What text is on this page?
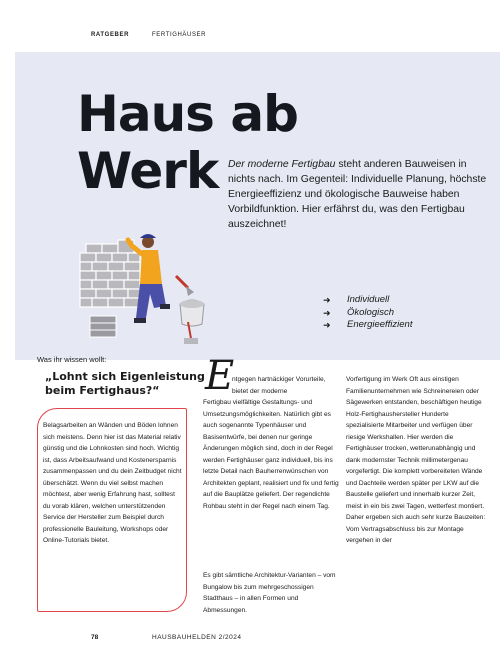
RATGEBER	FERTIGHÄUSER
Haus ab
Werk Der moderne Fertigbau steht anderen Bauweisen in nichts nach. Im Gegenteil: Individuelle Planung, höchste Energieeffizienz und ökologische Bauweise haben Vorbildfunktion. Hier erfährst du, was den Fertigbau auszeichnet!

➜	Individuell
➜	Ökologisch
➜	Energieeffizient
Was ihr wissen wollt:
„Lohnt sich Eigenleistung beim Fertighaus?“

Belagsarbeiten an Wänden und Böden lohnen sich meistens. Denn hier ist das Material relativ günstig und die Lohnkosten sind hoch. Wichtig ist, dass Arbeitsaufwand und Kostenersparnis zusammenpassen und du dein Zeitbudget nicht überschätzt. Wenn du viel selbst machen möchtest, aber wenig Erfahrung hast, solltest du vorab klären, welchen unterstützenden Service der Hersteller zum Beispiel durch professionelle Bauleitung, Workshops oder Online-Tutorials bietet.

E

ntgegen hartnäckiger Vorurteile, bietet der moderne

Fertigbau vielfältige Gestaltungs- und Umsetzungsmöglichkeiten. Natürlich gibt es auch sogenannte Typenhäuser und Basisentwürfe, bei denen nur geringe Änderungen möglich sind, doch in der Regel werden Fertighäuser ganz individuell, bis ins letzte Detail nach Bauherrenwünschen von Architekten geplant, realisiert und fix und fertig auf die Bauplätze geliefert. Der regendichte Rohbau steht in der Regel nach einem Tag.

Es gibt sämtliche Architektur-Varianten – vom Bungalow bis zum mehrgeschossigen Stadthaus – in allen Formen und Abmessungen.

Vorfertigung im Werk Oft aus einstigen Familienunternehmen wie Schreinereien oder Sägewerken entstanden, beschäftigen heutige Holz-Fertighaushersteller Hunderte spezialisierte Mitarbeiter und verfügen über riesige Werkshallen. Hier werden die Fertighäuser trocken, wetterunabhängig und dank modernster Technik millimetergenau vorgefertigt. Die komplett vorbereiteten Wände und Dachteile werden später per LKW auf die Baustelle geliefert und innerhalb kurzer Zeit, meist in ein bis zwei Tagen, wetterfest montiert. Daher ergeben sich auch sehr kurze Bauzeiten: Vom Vertragsabschluss bis zur Montage vergehen in der

78	HAUSBAUHELDEN 2/2024
